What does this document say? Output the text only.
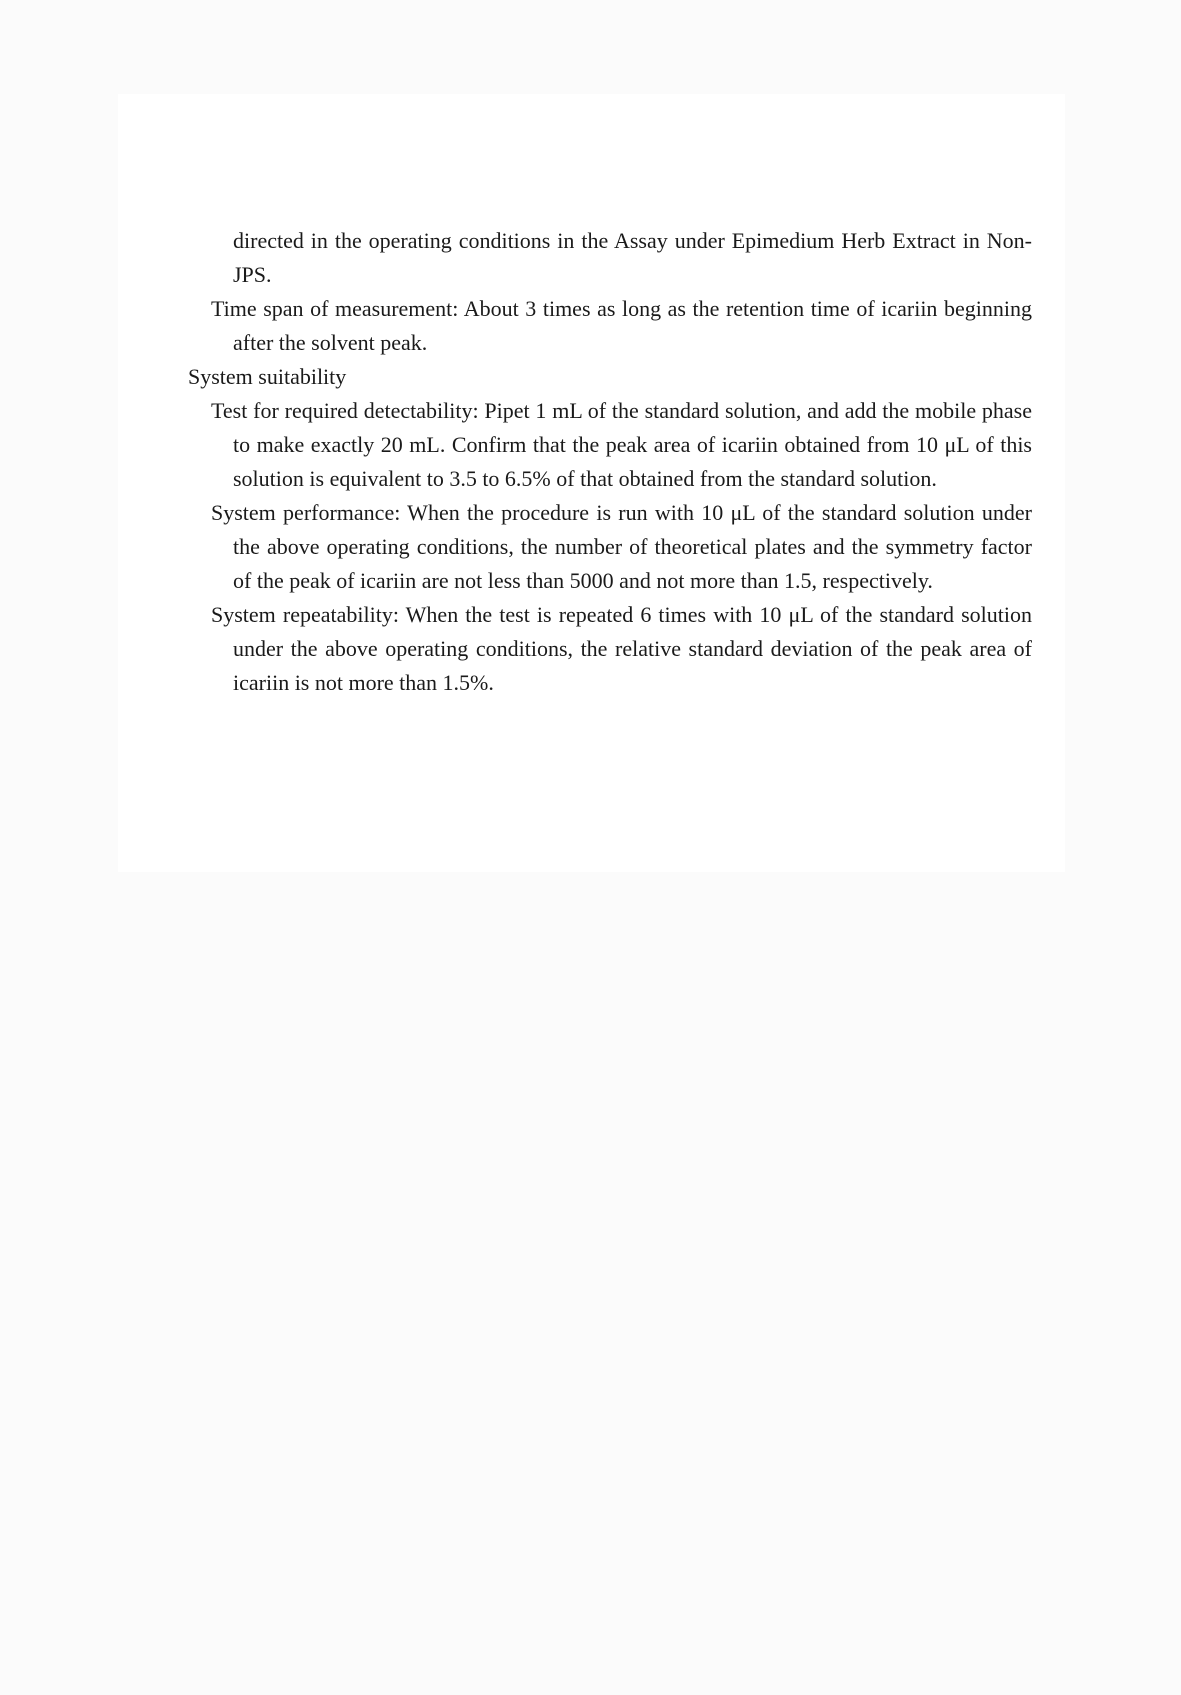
directed in the operating conditions in the Assay under Epimedium Herb Extract in Non-JPS.

Time span of measurement: About 3 times as long as the retention time of icariin beginning after the solvent peak.

System suitability

Test for required detectability: Pipet 1 mL of the standard solution, and add the mobile phase to make exactly 20 mL. Confirm that the peak area of icariin obtained from 10 μL of this solution is equivalent to 3.5 to 6.5% of that obtained from the standard solution.

System performance: When the procedure is run with 10 μL of the standard solution under the above operating conditions, the number of theoretical plates and the symmetry factor of the peak of icariin are not less than 5000 and not more than 1.5, respectively.

System repeatability: When the test is repeated 6 times with 10 μL of the standard solution under the above operating conditions, the relative standard deviation of the peak area of icariin is not more than 1.5%.
